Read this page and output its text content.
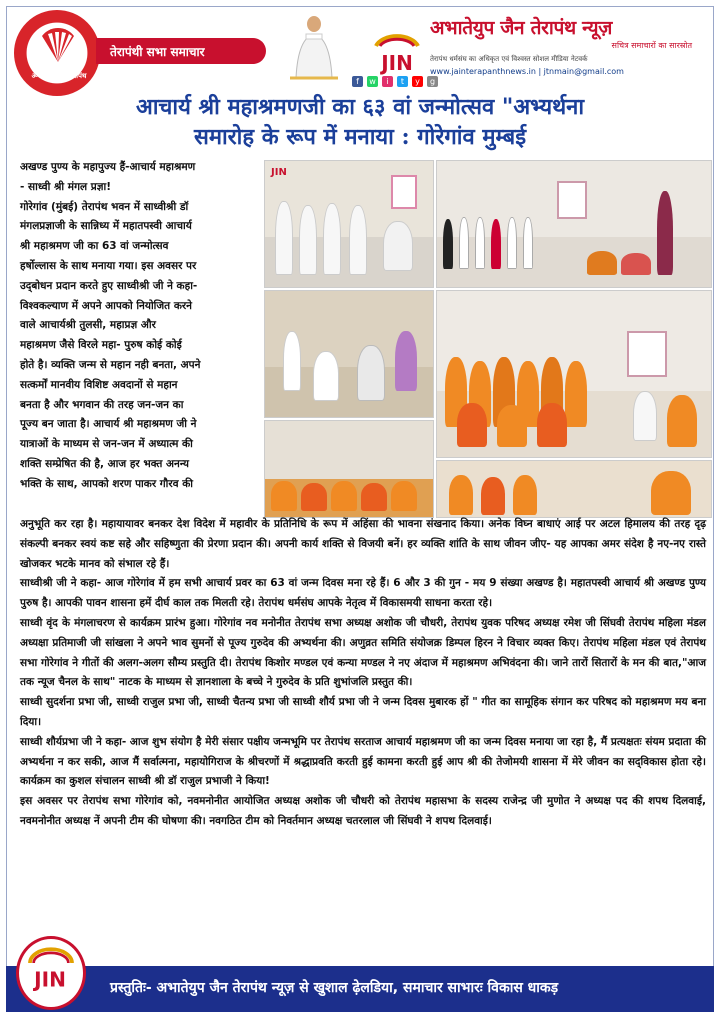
ॐ प्रभो ! यह तेरापंथ
तेरापंथी सभा समाचार	JIN
अभातेयुप जैन तेरापंथ न्यूज़
सचित्र समाचारों का सारस्रोत
तेरापंथ धर्मसंघ का अधिकृत एवं विश्वस्त सोशल मीडिया नेटवर्क
www.jainterapanthnews.in | jtnmain@gmail.com
f	w	i	t	y	g
आचार्य श्री महाश्रमणजी का ६३ वां जन्मोत्सव "अभ्यर्थना
समारोह के रूप में मनाया : गोरेगांव मुम्बई
अखण्ड पुण्य के महापुज्य हैं-आचार्य महाश्रमण
- साध्वी श्री मंगल प्रज्ञा!
गोरेगांव (मुंबई) तेरापंथ भवन में साध्वीश्री डॉ
मंगलप्रज्ञाजी के सान्निध्य में महातपस्वी आचार्य
श्री महाश्रमण जी का 63 वां जन्मोत्सव
हर्षोल्लास के साथ मनाया गया। इस अवसर पर
उद्‌बोधन प्रदान करते हुए साध्वीश्री जी ने कहा-
विश्वकल्याण में अपने आपको नियोजित करने
वाले आचार्यश्री तुलसी, महाप्रज्ञ और
महाश्रमण जैसे विरले महा- पुरुष कोई कोई
होते है। व्यक्ति जन्म से महान नही बनता, अपने
सत्कर्मों मानवीय विशिष्ट अवदानों से महान
बनता है और भगवान की तरह जन-जन का
पूज्य बन जाता है। आचार्य श्री महाश्रमण जी ने
यात्राओं के माध्यम से जन-जन में अध्यात्म की
शक्ति सम्प्रेषित की है, आज हर भक्त अनन्य
भक्ति के साथ, आपको शरण पाकर गौरव की
JIN

अनुभूति कर रहा है। महायायावर बनकर देश विदेश में महावीर के प्रतिनिधि के रूप में अहिंसा की भावना संखनाद किया। अनेक विघ्न बाधाएं आई पर अटल हिमालय की तरह दृढ़ संकल्पी बनकर स्वयं कष्ट सहे और सहिष्णुता की प्रेरणा प्रदान की। अपनी कार्य शक्ति से विजयी बनें। हर व्यक्ति शांति के साथ जीवन जीए- यह आपका अमर संदेश है नए-नए रास्ते खोजकर भटके मानव को संभाल रहे हैं।

साध्वीश्री जी ने कहा- आज गोरेगांव में हम सभी आचार्य प्रवर का 63 वां जन्म दिवस मना रहे हैं। 6 और 3 की गुन - मय 9 संख्या अखण्ड है। महातपस्वी आचार्य श्री अखण्ड पुण्य पुरुष है। आपकी पावन शासना हमें दीर्घ काल तक मिलती रहे। तेरापंथ धर्मसंघ आपके नेतृत्व में विकासमयी साधना करता रहे।

साध्वी वृंद के मंगलाचरण से कार्यक्रम प्रारंभ हुआ। गोरेगांव नव मनोनीत तेरापंथ सभा अध्यक्ष अशोक जी चौधरी, तेरापंथ युवक परिषद अध्यक्ष रमेश जी सिंघवी तेरापंथ महिला मंडल अध्यक्षा प्रतिमाजी जी सांखला ने अपने भाव सुमनों से पूज्य गुरुदेव की अभ्यर्थना की। अणुव्रत समिति संयोजक्र डिम्पल हिरन ने विचार व्यक्त किए। तेरापंथ महिला मंडल एवं तेरापंथ सभा गोरेगांव ने गीतों की अलग-अलग सौम्य प्रस्तुति दी। तेरापंथ किशोर मण्डल एवं कन्या मण्डल ने नए अंदाज में महाश्रमण अभिवंदना की। जाने तारों सितारों के मन की बात,"आज तक न्यूज चैनल के साथ" नाटक के माध्यम से ज्ञानशाला के बच्चे ने गुरुदेव के प्रति शुभांजलि प्रस्तुत की।

साध्वी सुदर्शना प्रभा जी, साध्वी राजुल प्रभा जी, साध्वी चैतन्य प्रभा जी साध्वी शौर्य प्रभा जी ने जन्म दिवस मुबारक हों " गीत का सामूहिक संगान कर परिषद को महाश्रमण मय बना दिया।

साध्वी शौर्यप्रभा जी ने कहा- आज शुभ संयोग है मेरी संसार पक्षीय जन्मभूमि पर तेरापंथ सरताज आचार्य महाश्रमण जी का जन्म दिवस मनाया जा रहा है, मैं प्रत्यक्षतः संयम प्रदाता की अभ्यर्थना न कर सकी, आज मैं सर्वात्मना, महायोगिराज के श्रीचरणों में श्रद्धाप्रवति करती हुई कामना करती हुई आप श्री की तेजोमयी शासना में मेरे जीवन का सद्‌विकास होता रहे। कार्यक्रम का कुशल संचालन साध्वी श्री डॉ राजुल प्रभाजी ने किया!

इस अवसर पर तेरापंथ सभा गोरेगांव को, नवमनोनीत आयोजित अध्यक्ष अशोक जी चौधरी को तेरापंथ महासभा के सदस्य राजेन्द्र जी मुणोत ने अध्यक्ष पद की शपथ दिलवाई, नवमनोनीत अध्यक्ष नें अपनी टीम की घोषणा की। नवगठित टीम को निवर्तमान अध्यक्ष चतरलाल जी सिंघवी ने शपथ दिलवाई।

JIN	प्रस्तुतिः- अभातेयुप जैन तेरापंथ न्यूज़ से खुशाल ढ़ेलडिया, समाचार साभारः विकास धाकड़
